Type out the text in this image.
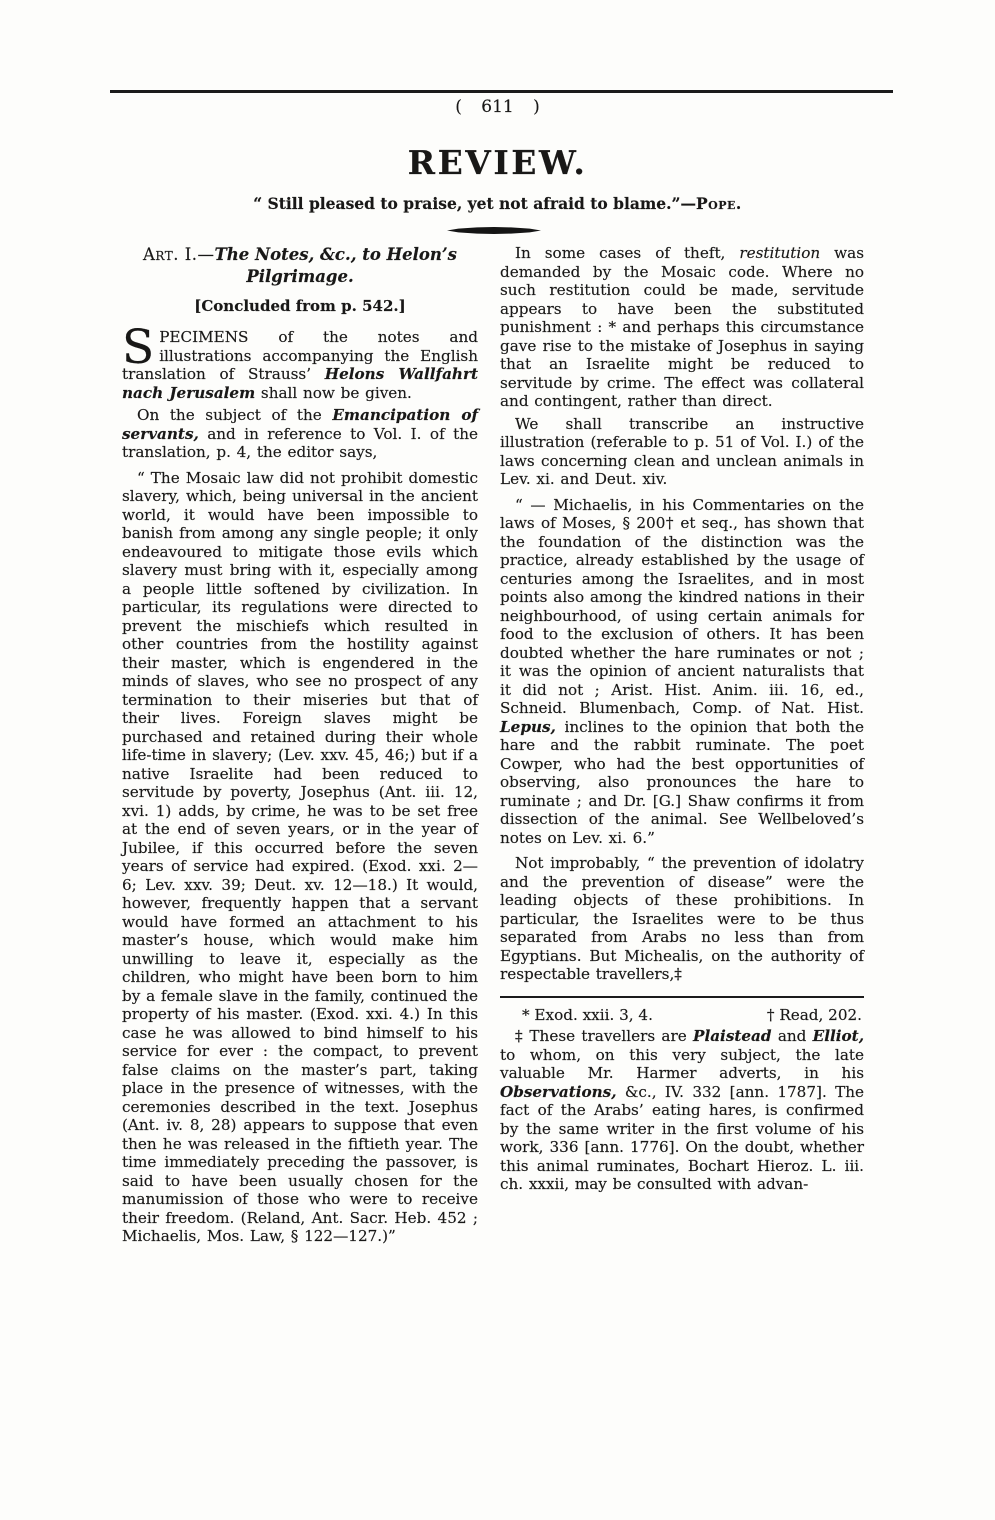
( 611 )
REVIEW.
“ Still pleased to praise, yet not afraid to blame.”—Pope.
Art. I.—The Notes, &c., to Helon’s Pilgrimage.
[Concluded from p. 542.]

SPECIMENS of the notes and illustrations accompanying the English translation of Strauss’ Helons Wallfahrt nach Jerusalem shall now be given.

On the subject of the Emancipation of servants, and in reference to Vol. I. of the translation, p. 4, the editor says,

“ The Mosaic law did not prohibit domestic slavery, which, being universal in the ancient world, it would have been impossible to banish from among any single people; it only endeavoured to mitigate those evils which slavery must bring with it, especially among a people little softened by civilization. In particular, its regulations were directed to prevent the mischiefs which resulted in other countries from the hostility against their master, which is engendered in the minds of slaves, who see no prospect of any termination to their miseries but that of their lives. Foreign slaves might be purchased and retained during their whole life-time in slavery; (Lev. xxv. 45, 46;) but if a native Israelite had been reduced to servitude by poverty, Josephus (Ant. iii. 12, xvi. 1) adds, by crime, he was to be set free at the end of seven years, or in the year of Jubilee, if this occurred before the seven years of service had expired. (Exod. xxi. 2—6; Lev. xxv. 39; Deut. xv. 12—18.) It would, however, frequently happen that a servant would have formed an attachment to his master’s house, which would make him unwilling to leave it, especially as the children, who might have been born to him by a female slave in the family, continued the property of his master. (Exod. xxi. 4.) In this case he was allowed to bind himself to his service for ever : the compact, to prevent false claims on the master’s part, taking place in the presence of witnesses, with the ceremonies described in the text. Josephus (Ant. iv. 8, 28) appears to suppose that even then he was released in the fiftieth year. The time immediately preceding the passover, is said to have been usually chosen for the manumission of those who were to receive their freedom. (Reland, Ant. Sacr. Heb. 452 ; Michaelis, Mos. Law, § 122—127.)”

In some cases of theft, restitution was demanded by the Mosaic code. Where no such restitution could be made, servitude appears to have been the substituted punishment : * and perhaps this circumstance gave rise to the mistake of Josephus in saying that an Israelite might be reduced to servitude by crime. The effect was collateral and contingent, rather than direct.

We shall transcribe an instructive illustration (referable to p. 51 of Vol. I.) of the laws concerning clean and unclean animals in Lev. xi. and Deut. xiv.

“ — Michaelis, in his Commentaries on the laws of Moses, § 200† et seq., has shown that the foundation of the distinction was the practice, already established by the usage of centuries among the Israelites, and in most points also among the kindred nations in their neighbourhood, of using certain animals for food to the exclusion of others. It has been doubted whether the hare ruminates or not ; it was the opinion of ancient naturalists that it did not ; Arist. Hist. Anim. iii. 16, ed., Schneid. Blumenbach, Comp. of Nat. Hist. Lepus, inclines to the opinion that both the hare and the rabbit ruminate. The poet Cowper, who had the best opportunities of observing, also pronounces the hare to ruminate ; and Dr. [G.] Shaw confirms it from dissection of the animal. See Wellbeloved’s notes on Lev. xi. 6.”

Not improbably, “ the prevention of idolatry and the prevention of disease” were the leading objects of these prohibitions. In particular, the Israelites were to be thus separated from Arabs no less than from Egyptians. But Michealis, on the authority of respectable travellers,‡

* Exod. xxii. 3, 4.	† Read, 202.

‡ These travellers are Plaistead and Elliot, to whom, on this very subject, the late valuable Mr. Harmer adverts, in his Observations, &c., IV. 332 [ann. 1787]. The fact of the Arabs’ eating hares, is confirmed by the same writer in the first volume of his work, 336 [ann. 1776]. On the doubt, whether this animal ruminates, Bochart Hieroz. L. iii. ch. xxxii, may be consulted with advan-
